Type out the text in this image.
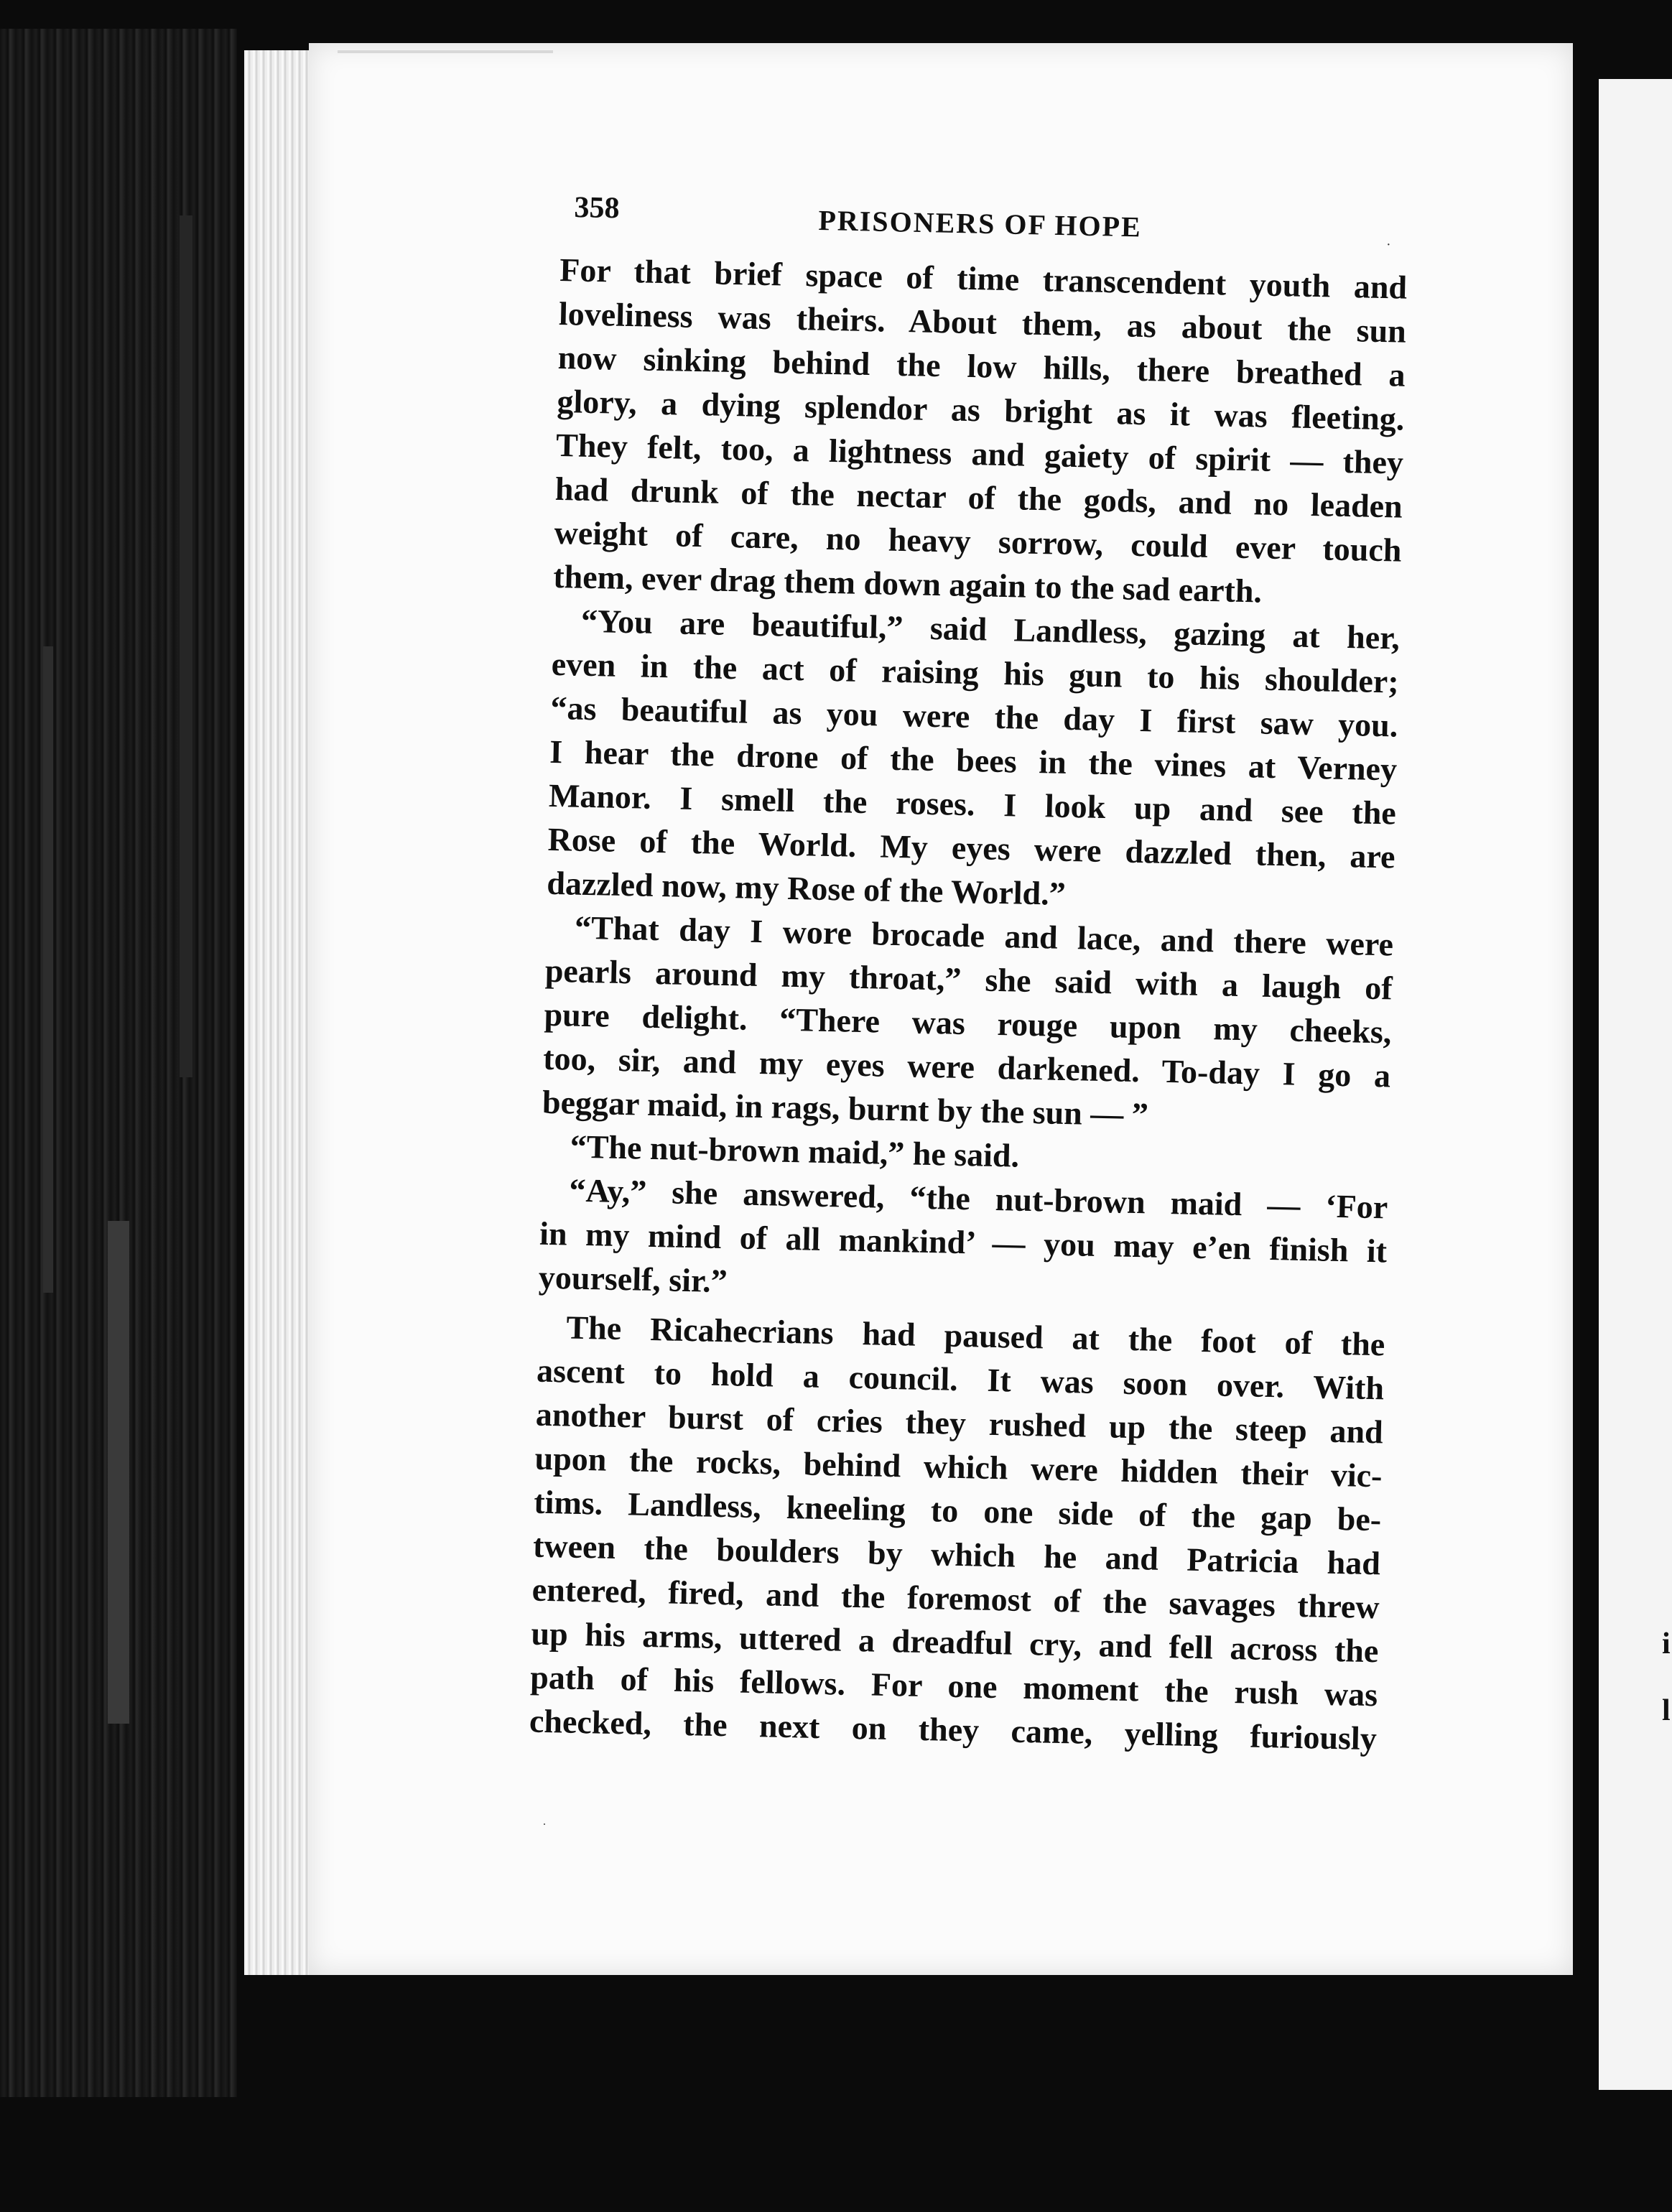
i
l
358	PRISONERS OF HOPE
·
·
For that brief space of time transcendent youth and
loveliness was theirs. About them, as about the sun
now sinking behind the low hills, there breathed a
glory, a dying splendor as bright as it was fleeting.
They felt, too, a lightness and gaiety of spirit — they
had drunk of the nectar of the gods, and no leaden
weight of care, no heavy sorrow, could ever touch
them, ever drag them down again to the sad earth.
“You are beautiful,” said Landless, gazing at her,
even in the act of raising his gun to his shoulder;
“as beautiful as you were the day I first saw you.
I hear the drone of the bees in the vines at Verney
Manor. I smell the roses. I look up and see the
Rose of the World. My eyes were dazzled then, are
dazzled now, my Rose of the World.”
“That day I wore brocade and lace, and there were
pearls around my throat,” she said with a laugh of
pure delight. “There was rouge upon my cheeks,
too, sir, and my eyes were darkened. To-day I go a
beggar maid, in rags, burnt by the sun — ”
“The nut-brown maid,” he said.
“Ay,” she answered, “the nut-brown maid — ‘For
in my mind of all mankind’ — you may e’en finish it
yourself, sir.”
The Ricahecrians had paused at the foot of the
ascent to hold a council. It was soon over. With
another burst of cries they rushed up the steep and
upon the rocks, behind which were hidden their vic-
tims. Landless, kneeling to one side of the gap be-
tween the boulders by which he and Patricia had
entered, fired, and the foremost of the savages threw
up his arms, uttered a dreadful cry, and fell across the
path of his fellows. For one moment the rush was
checked, the next on they came, yelling furiously
